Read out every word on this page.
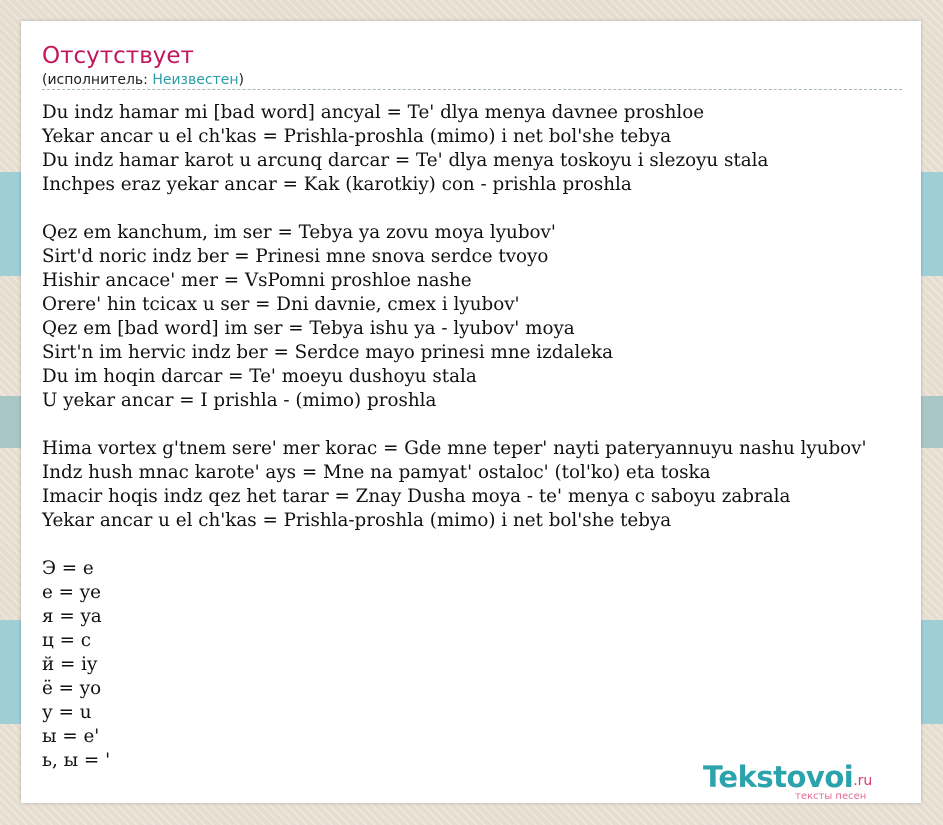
Отсутствует
(исполнитель: Неизвестен)
Du indz hamar mi [bad word] ancyal = Te' dlya menya davnee proshloe
Yekar ancar u el ch'kas = Prishla-proshla (mimo) i net bol'she tebya
Du indz hamar karot u arcunq darcar = Te' dlya menya toskoyu i slezoyu stala
Inchpes eraz yekar ancar = Kak (karotkiy) con - prishla proshla

Qez em kanchum, im ser = Tebya ya zovu moya lyubov'
Sirt'd noric indz ber = Prinesi mne snova serdce tvoyo
Hishir ancace' mer = VsPomni proshloe nashe
Orere' hin tcicax u ser = Dni davnie, cmex i lyubov'
Qez em [bad word] im ser = Tebya ishu ya - lyubov' moya
Sirt'n im hervic indz ber = Serdce mayo prinesi mne izdaleka
Du im hoqin darcar = Te' moeyu dushoyu stala
U yekar ancar = I prishla - (mimo) proshla

Hima vortex g'tnem sere' mer korac = Gde mne teper' nayti pateryannuyu nashu lyubov'
Indz hush mnac karote' ays = Mne na pamyat' ostaloc' (tol'ko) eta toska
Imacir hoqis indz qez het tarar = Znay Dusha moya - te' menya c saboyu zabrala
Yekar ancar u el ch'kas = Prishla-proshla (mimo) i net bol'she tebya

Э = e
е = ye
я = ya
ц = c
й = iy
ё = yo
у = u
ы = e'
ь, ы = '	Tekstovoi.ru
тексты песен
